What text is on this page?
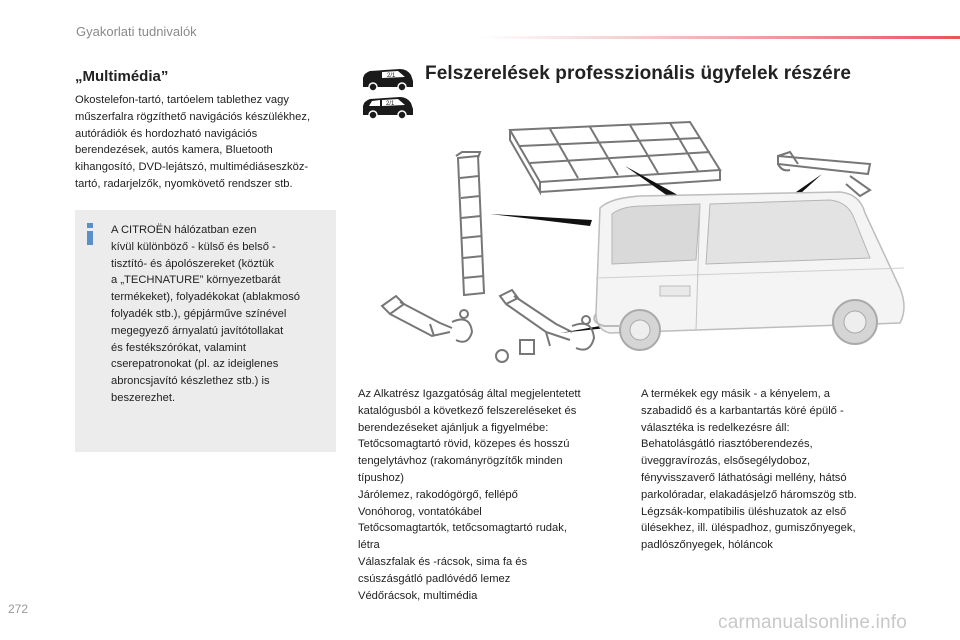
Gyakorlati tudnivalók
„Multimédia”
Okostelefon-tartó, tartóelem tablethez vagy
műszerfalra rögzíthető navigációs készülékhez,
autórádiók és hordozható navigációs
berendezések, autós kamera, Bluetooth
kihangosító, DVD-lejátszó, multimédiáseszköz-
tartó, radarjelzők, nyomkövető rendszer stb.
A CITROËN hálózatban ezen
kívül különböző - külső és belső -
tisztító- és ápolószereket (köztük
a „TECHNATURE” környezetbarát
termékeket), folyadékokat (ablakmosó
folyadék stb.), gépjárműve színével
megegyező árnyalatú javítótollakat
és festékszórókat, valamint
cserepatronokat (pl. az ideiglenes
abroncsjavító készlethez stb.) is
beszerezhet.
2/1
2/1
Felszerelések professzionális ügyfelek részére
Az Alkatrész Igazgatóság által megjelentetett
katalógusból a következő felszereléseket és
berendezéseket ajánljuk a figyelmébe:
Tetőcsomagtartó rövid, közepes és hosszú
tengelytávhoz (rakományrögzítők minden
típushoz)
Járólemez, rakodógörgő, fellépő
Vonóhorog, vontatókábel
Tetőcsomagtartók, tetőcsomagtartó rudak,
létra
Válaszfalak és -rácsok, sima fa és
csúszásgátló padlóvédő lemez
Védőrácsok, multimédia
A termékek egy másik - a kényelem, a
szabadidő és a karbantartás köré épülő -
választéka is redelkezésre áll:
Behatolásgátló riasztóberendezés,
üveggravírozás, elsősegélydoboz,
fényvisszaverő láthatósági mellény, hátsó
parkolóradar, elakadásjelző háromszög stb.
Légzsák-kompatibilis üléshuzatok az első
ülésekhez, ill. üléspadhoz, gumiszőnyegek,
padlószőnyegek, hóláncok
272
carmanualsonline.info
